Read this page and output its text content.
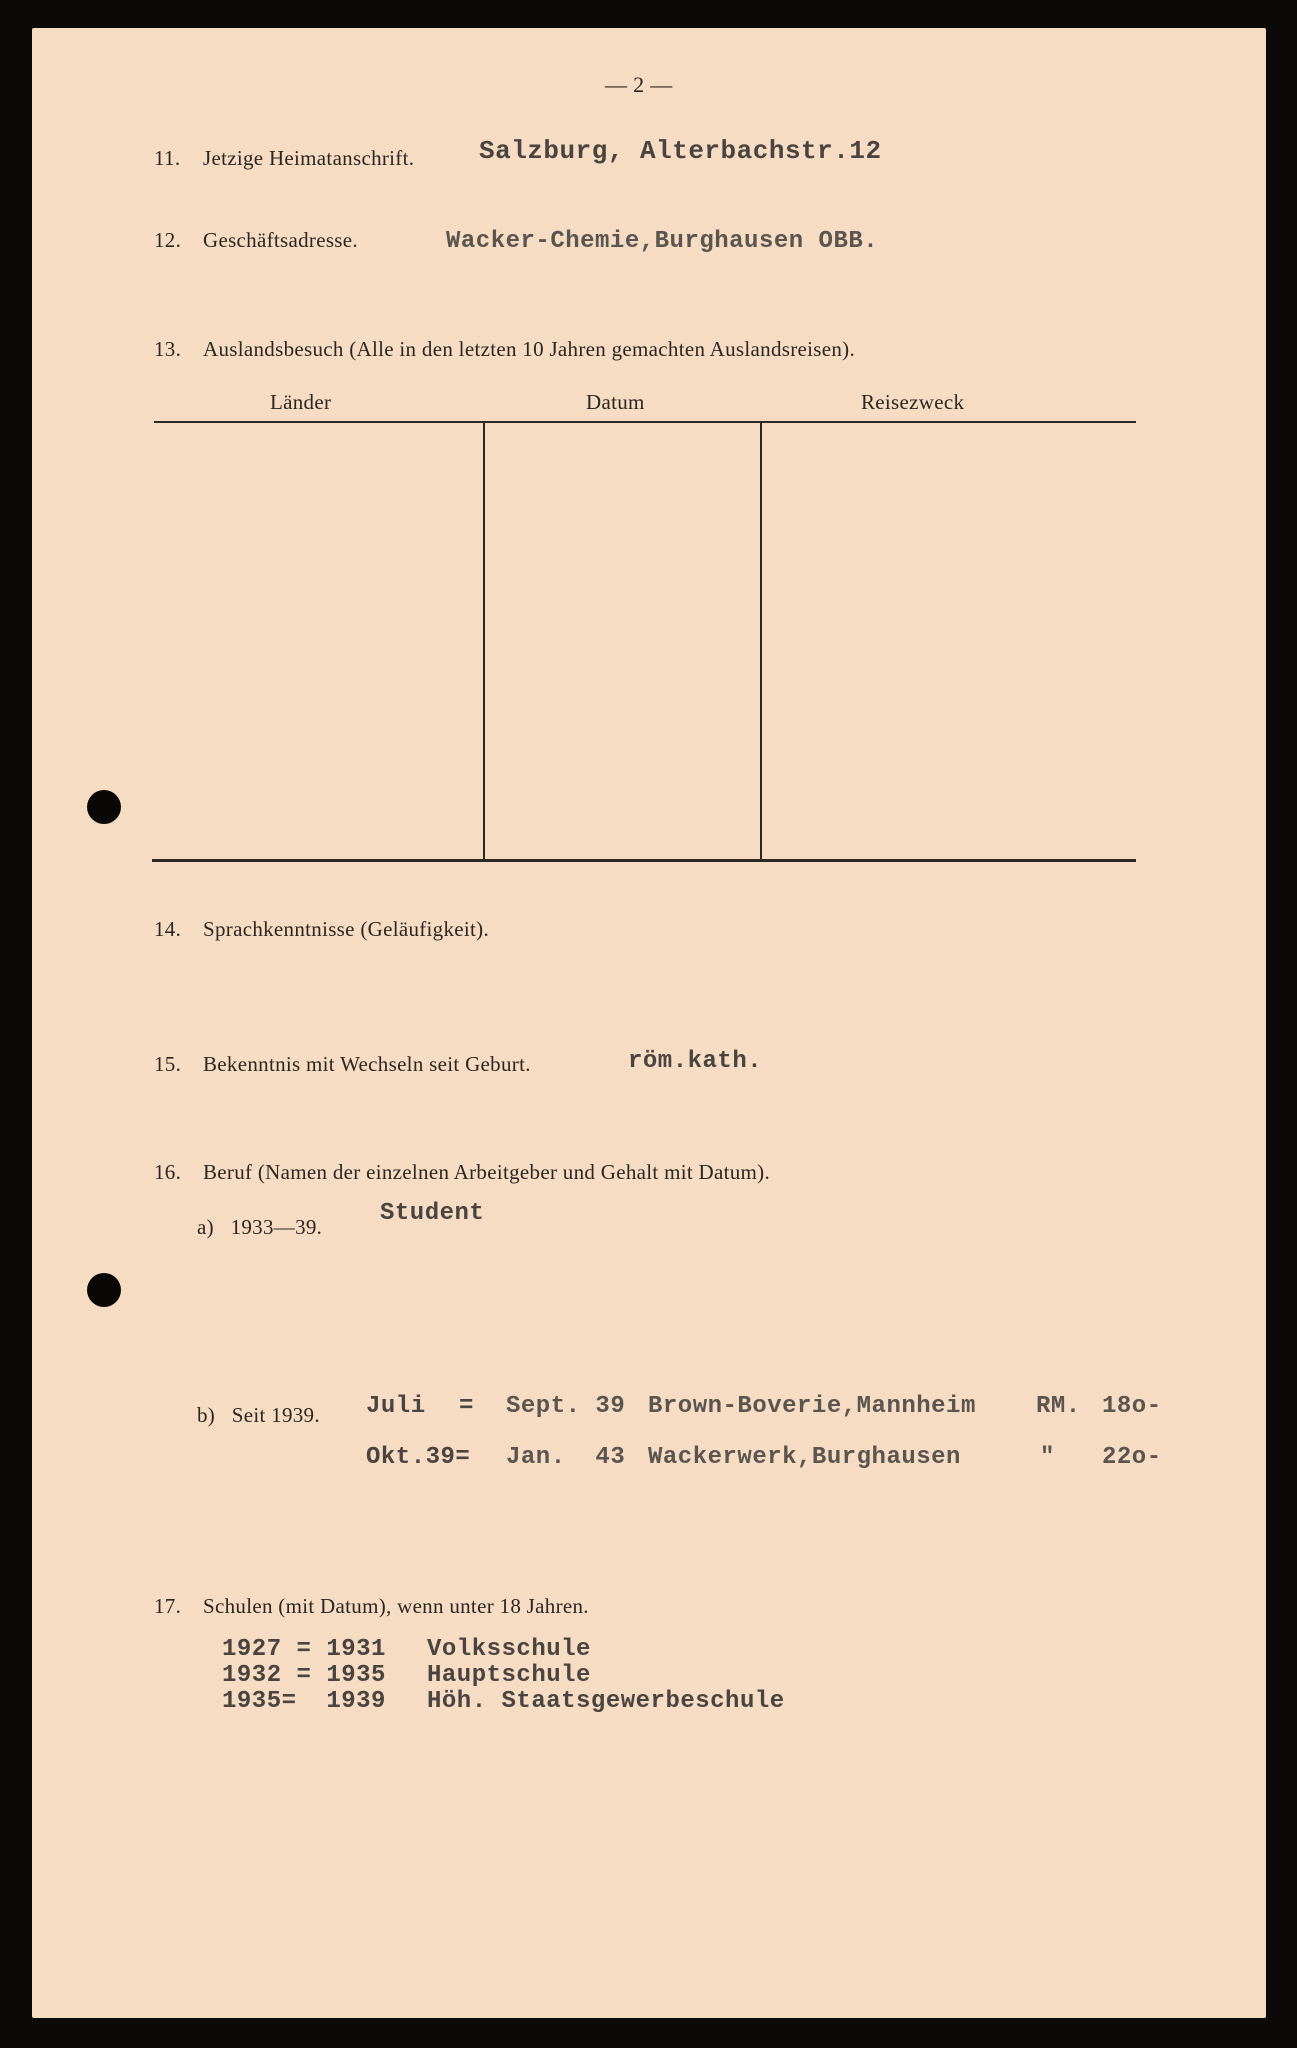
— 2 —
11. Jetzige Heimatanschrift. Salzburg, Alterbachstr.12
12. Geschäftsadresse.	Wacker-Chemie,Burghausen OBB.
13. Auslandsbesuch (Alle in den letzten 10 Jahren gemachten Auslandsreisen).
Länder	Datum	Reisezweck
14. Sprachkenntnisse (Geläufigkeit).
15. Bekenntnis mit Wechseln seit Geburt.	röm.kath.
16. Beruf (Namen der einzelnen Arbeitgeber und Gehalt mit Datum).
a)   1933—39. Student
b)   Seit 1939. Juli = Sept. 39 Brown-Boverie,Mannheim	RM. 18o-
Okt.39= Jan.  43 Wackerwerk,Burghausen	" 22o-
17. Schulen (mit Datum), wenn unter 18 Jahren.
1927 = 1931 Volksschule
1932 = 1935 Hauptschule
1935=  1939 Höh. Staatsgewerbeschule
